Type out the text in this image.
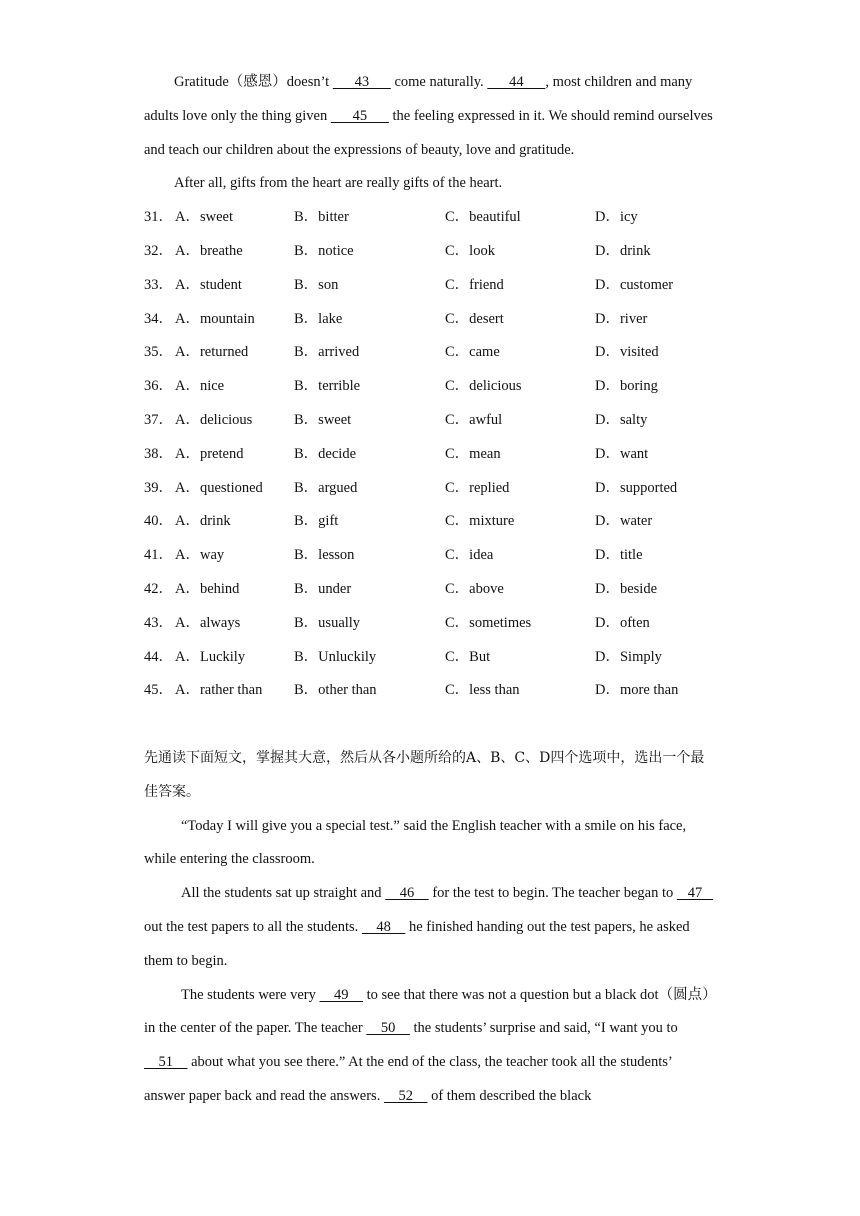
Gratitude（感恩）doesn’t       43       come naturally.       44      , most children and many adults love only the thing given       45       the feeling expressed in it. We should remind ourselves and teach our children about the expressions of beauty, love and gratitude.

After all, gifts from the heart are really gifts of the heart.

31． A．sweet	B．bitter	C．beautiful	D．icy
32． A．breathe	B．notice	C．look	D．drink
33． A．student	B．son	C．friend	D．customer
34． A．mountain	B．lake	C．desert	D．river
35． A．returned	B．arrived	C．came	D．visited
36． A．nice	B．terrible	C．delicious	D．boring
37． A．delicious	B．sweet	C．awful	D．salty
38． A．pretend	B．decide	C．mean	D．want
39． A．questioned	B．argued	C．replied	D．supported
40． A．drink	B．gift	C．mixture	D．water
41． A．way	B．lesson	C．idea	D．title
42． A．behind	B．under	C．above	D．beside
43． A．always	B．usually	C．sometimes	D．often
44． A．Luckily	B．Unluckily	C．But	D．Simply
45． A．rather than	B．other than	C．less than	D．more than

先通读下面短文，掌握其大意，然后从各小题所给的A、B、C、D四个选项中，选出一个最佳答案。

“Today I will give you a special test.” said the English teacher with a smile on his face, while entering the classroom.

All the students sat up straight and     46     for the test to begin. The teacher began to    47    out the test papers to all the students.     48     he finished handing out the test papers, he asked them to begin.

The students were very     49     to see that there was not a question but a black dot（圆点）in the center of the paper. The teacher     50     the students’ surprise and said, “I want you to     51     about what you see there.” At the end of the class, the teacher took all the students’ answer paper back and read the answers.     52     of them described the black
